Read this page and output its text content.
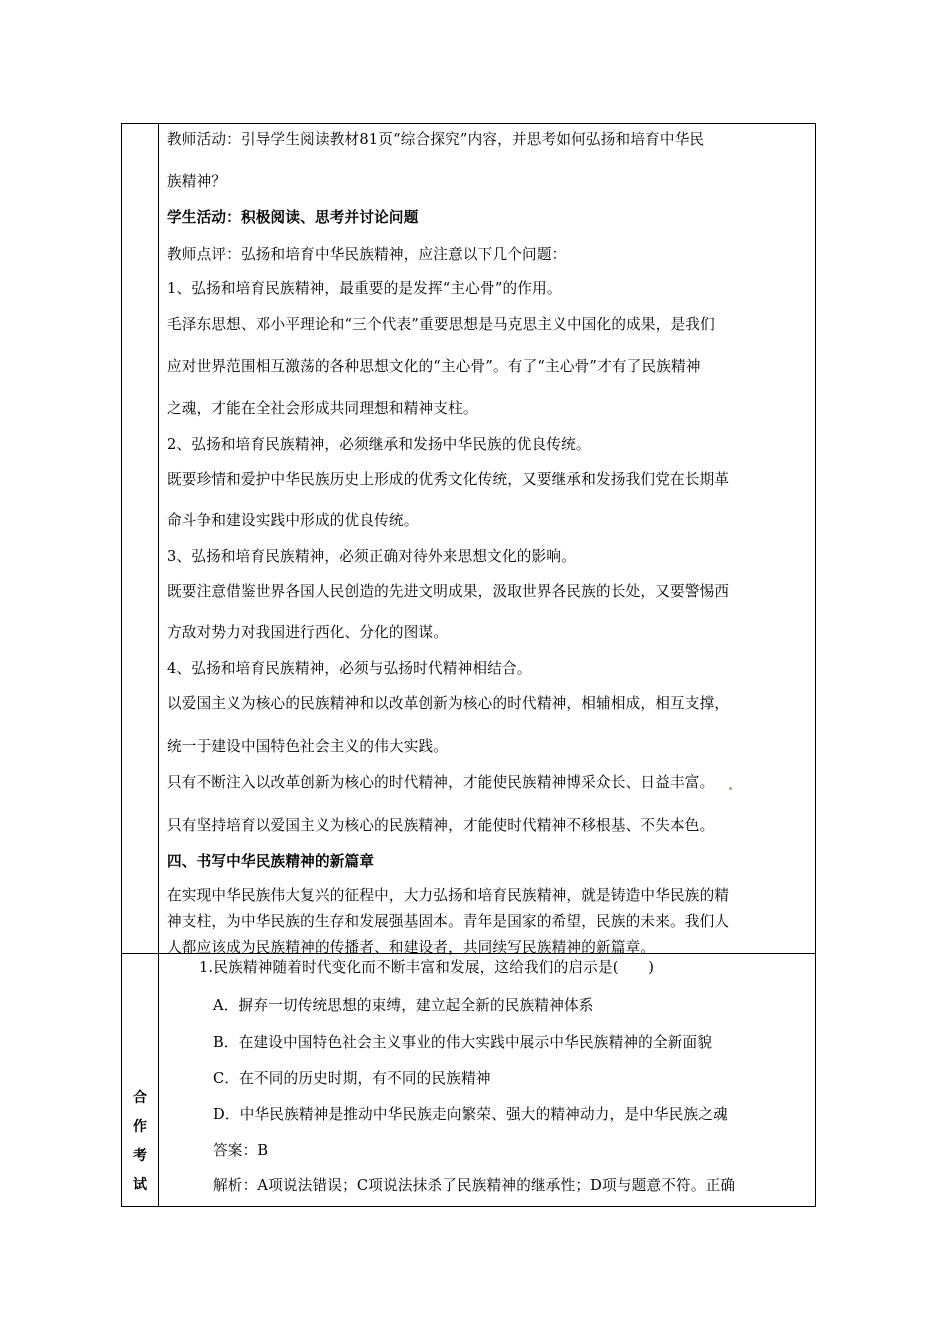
教师活动：引导学生阅读教材81页“综合探究”内容，并思考如何弘扬和培育中华民
族精神？
学生活动：积极阅读、思考并讨论问题
教师点评：弘扬和培育中华民族精神，应注意以下几个问题：
1、弘扬和培育民族精神，最重要的是发挥“主心骨”的作用。
毛泽东思想、邓小平理论和“三个代表”重要思想是马克思主义中国化的成果，是我们
应对世界范围相互激荡的各种思想文化的“主心骨”。有了“主心骨”才有了民族精神
之魂，才能在全社会形成共同理想和精神支柱。
2、弘扬和培育民族精神，必须继承和发扬中华民族的优良传统。
既要珍情和爱护中华民族历史上形成的优秀文化传统，又要继承和发扬我们党在长期革
命斗争和建设实践中形成的优良传统。
3、弘扬和培育民族精神，必须正确对待外来思想文化的影响。
既要注意借鉴世界各国人民创造的先进文明成果，汲取世界各民族的长处，又要警惕西
方敌对势力对我国进行西化、分化的图谋。
4、弘扬和培育民族精神，必须与弘扬时代精神相结合。
以爱国主义为核心的民族精神和以改革创新为核心的时代精神，相辅相成，相互支撑，
统一于建设中国特色社会主义的伟大实践。
只有不断注入以改革创新为核心的时代精神，才能使民族精神博采众长、日益丰富。
只有坚持培育以爱国主义为核心的民族精神，才能使时代精神不移根基、不失本色。
四、书写中华民族精神的新篇章
在实现中华民族伟大复兴的征程中，大力弘扬和培育民族精神，就是铸造中华民族的精
神支柱，为中华民族的生存和发展强基固本。青年是国家的希望，民族的未来。我们人
人都应该成为民族精神的传播者、和建设者，共同续写民族精神的新篇章。
合
作
考
试
1.民族精神随着时代变化而不断丰富和发展，这给我们的启示是(　　)
A．摒弃一切传统思想的束缚，建立起全新的民族精神体系
B．在建设中国特色社会主义事业的伟大实践中展示中华民族精神的全新面貌
C．在不同的历史时期，有不同的民族精神
D．中华民族精神是推动中华民族走向繁荣、强大的精神动力，是中华民族之魂
答案：B
解析：A项说法错误；C项说法抹杀了民族精神的继承性；D项与题意不符。正确
